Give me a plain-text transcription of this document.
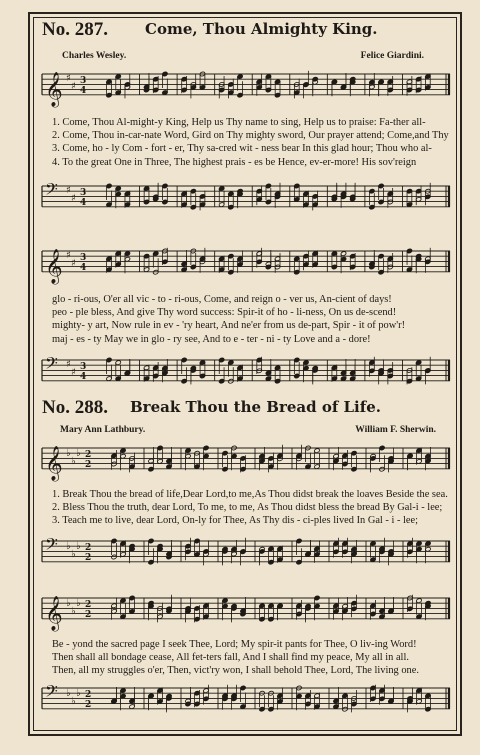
No. 287. Come, Thou Almighty King.
Charles Wesley.	Felice Giardini.
𝄞 ♯
♯ 3
4
1. Come, Thou Al-might-y King, Help us Thy name to sing, Help us to praise: Fa-ther all-
2. Come, Thou in-car-nate Word, Gird on Thy mighty sword, Our prayer attend; Come,and Thy
3. Come, ho - ly Com - fort - er, Thy sa-cred wit - ness bear In this glad hour; Thou who al-
4. To the great One in Three, The highest prais - es be Hence, ev-er-more! His sov'reign
𝄢 ♯
♯ 3
4
𝄞 ♯
♯ 3
4
glo - ri-ous, O'er all vic - to - ri-ous, Come, and reign o - ver us, An-cient of days!
peo - ple bless, And give Thy word success: Spir-it of ho - li-ness, On us de-scend!
mighty- y art, Now rule in ev - 'ry heart, And ne'er from us de-part, Spir - it of pow'r!
maj - es - ty May we in glo - ry see, And to e - ter - ni - ty Love and a - dore!
𝄢 ♯
♯ 3
4
No. 288. Break Thou the Bread of Life.
Mary Ann Lathbury.	William F. Sherwin.
𝄞 ♭
♭
♭ 2
2
1. Break Thou the bread of life,Dear Lord,to me,As Thou didst break the loaves Beside the sea.
2. Bless Thou the truth, dear Lord, To me, to me, As Thou didst bless the bread By Gal-i - lee;
3. Teach me to live, dear Lord, On-ly for Thee, As Thy dis - ci-ples lived In Gal - i - lee;
𝄢 ♭
♭
♭ 2
2
𝄞 ♭
♭
♭ 2
2
Be - yond the sacred page I seek Thee, Lord; My spir-it pants for Thee, O liv-ing Word!
Then shall all bondage cease, All fet-ters fall, And I shall find my peace, My all in all.
Then, all my struggles o'er, Then, vict'ry won, I shall behold Thee, Lord, The living one.
𝄢 ♭
♭
♭ 2
2
